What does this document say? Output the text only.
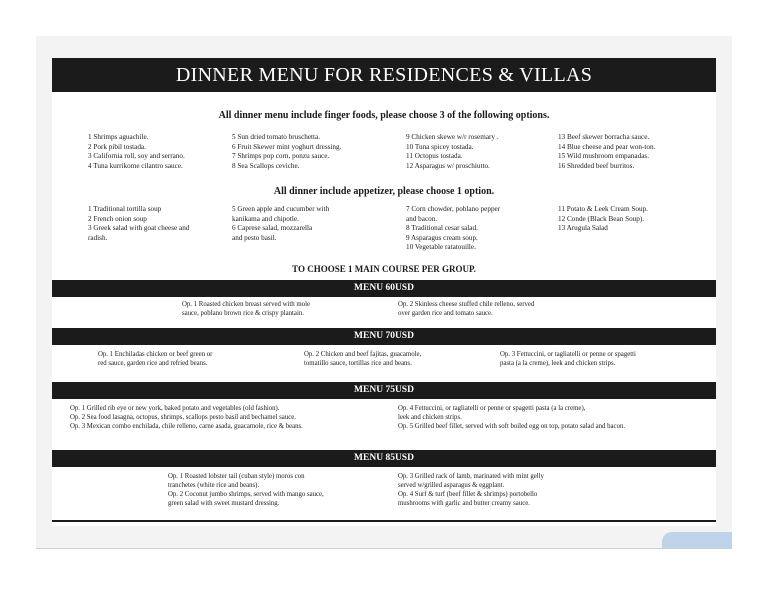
DINNER MENU FOR RESIDENCES & VILLAS
All dinner menu include finger foods, please choose 3 of the following options.
1 Shrimps aguachile.
2 Pork pibil tostada.
3 California roll, soy and serrano.
4 Tuna kurrikome cilantro sauce.
5 Sun dried tomato bruschetta.
6 Fruit Skewer mint yoghurt dressing.
7 Shrimps pop corn, ponzu sauce.
8 Sea Scallops ceviche.
9 Chicken skewe w/r rosemary .
10 Tuna spicey tostada.
11 Octopus tostada.
12 Asparagus w/ proschiutto.
13 Beef skewer borracha sauce.
14 Blue cheese and pear won-ton.
15 Wild mushroom empanadas.
16 Shredded beef burritos.
All dinner include appetizer, please choose 1 option.
1 Traditional tortilla soup
2 French onion soup
3 Greek salad with goat cheese and
radish.
5 Green apple and cucumber with
kanikama and chipotle.
6 Caprese salad, mozzarella
and pesto basil.
7 Corn chowder, poblano pepper
and bacon.
8 Traditional cesar salad.
9 Asparagus cream soup.
10 Vegetable ratatouille.
11 Potato & Leek Cream Soup.
12 Conde (Black Bean Soup).
13 Arugula Salad
TO CHOOSE 1 MAIN COURSE PER GROUP.
MENU 60USD
Op. 1 Roasted chicken breast served with mole
sauce, poblano brown rice & crispy plantain.
Op. 2 Skinless cheese stuffed chile relleno, served
over garden rice and tomato sauce.
MENU 70USD
Op. 1 Enchiladas chicken or beef green or
red sauce, garden rice and refried beans.
Op. 2 Chicken and beef fajitas, guacamole,
tomatillo sauce, tortillas rice and beans.
Op. 3 Fettuccini, or tagliatelli or penne or spagetti
pasta (a la creme), leek and chicken strips.
MENU 75USD
Op. 1 Grilled rib eye or new york, baked potato and vegetables (old fashion).
Op. 2 Sea food lasagna, octopus, shrimps, scallops pesto basil and bechamel sauce.
Op. 3 Mexican combo enchilada, chile relleno, carne asada, guacamole, rice & beans.
Op. 4 Fettuccini, or tagliatelli or penne or spagetti pasta (a la creme),
leek and chicken strips.
Op. 5 Grilled beef fillet, served with soft boiled egg on top, potato salad and bacon.
MENU 85USD
Op. 1 Roasted lobster tail (cuban style) moros con
tranchetes (white rice and beans).
Op. 2 Coconut jumbo shrimps, served with mango sauce,
green salad with sweet mustard dressing.
Op. 3 Grilled rack of lamb, marinated with mint gelly
served w/grilled asparagus & eggplant.
Op. 4 Surf & turf (beef fillet & shrimps) portobello
mushrooms with garlic and butter creamy sauce.
